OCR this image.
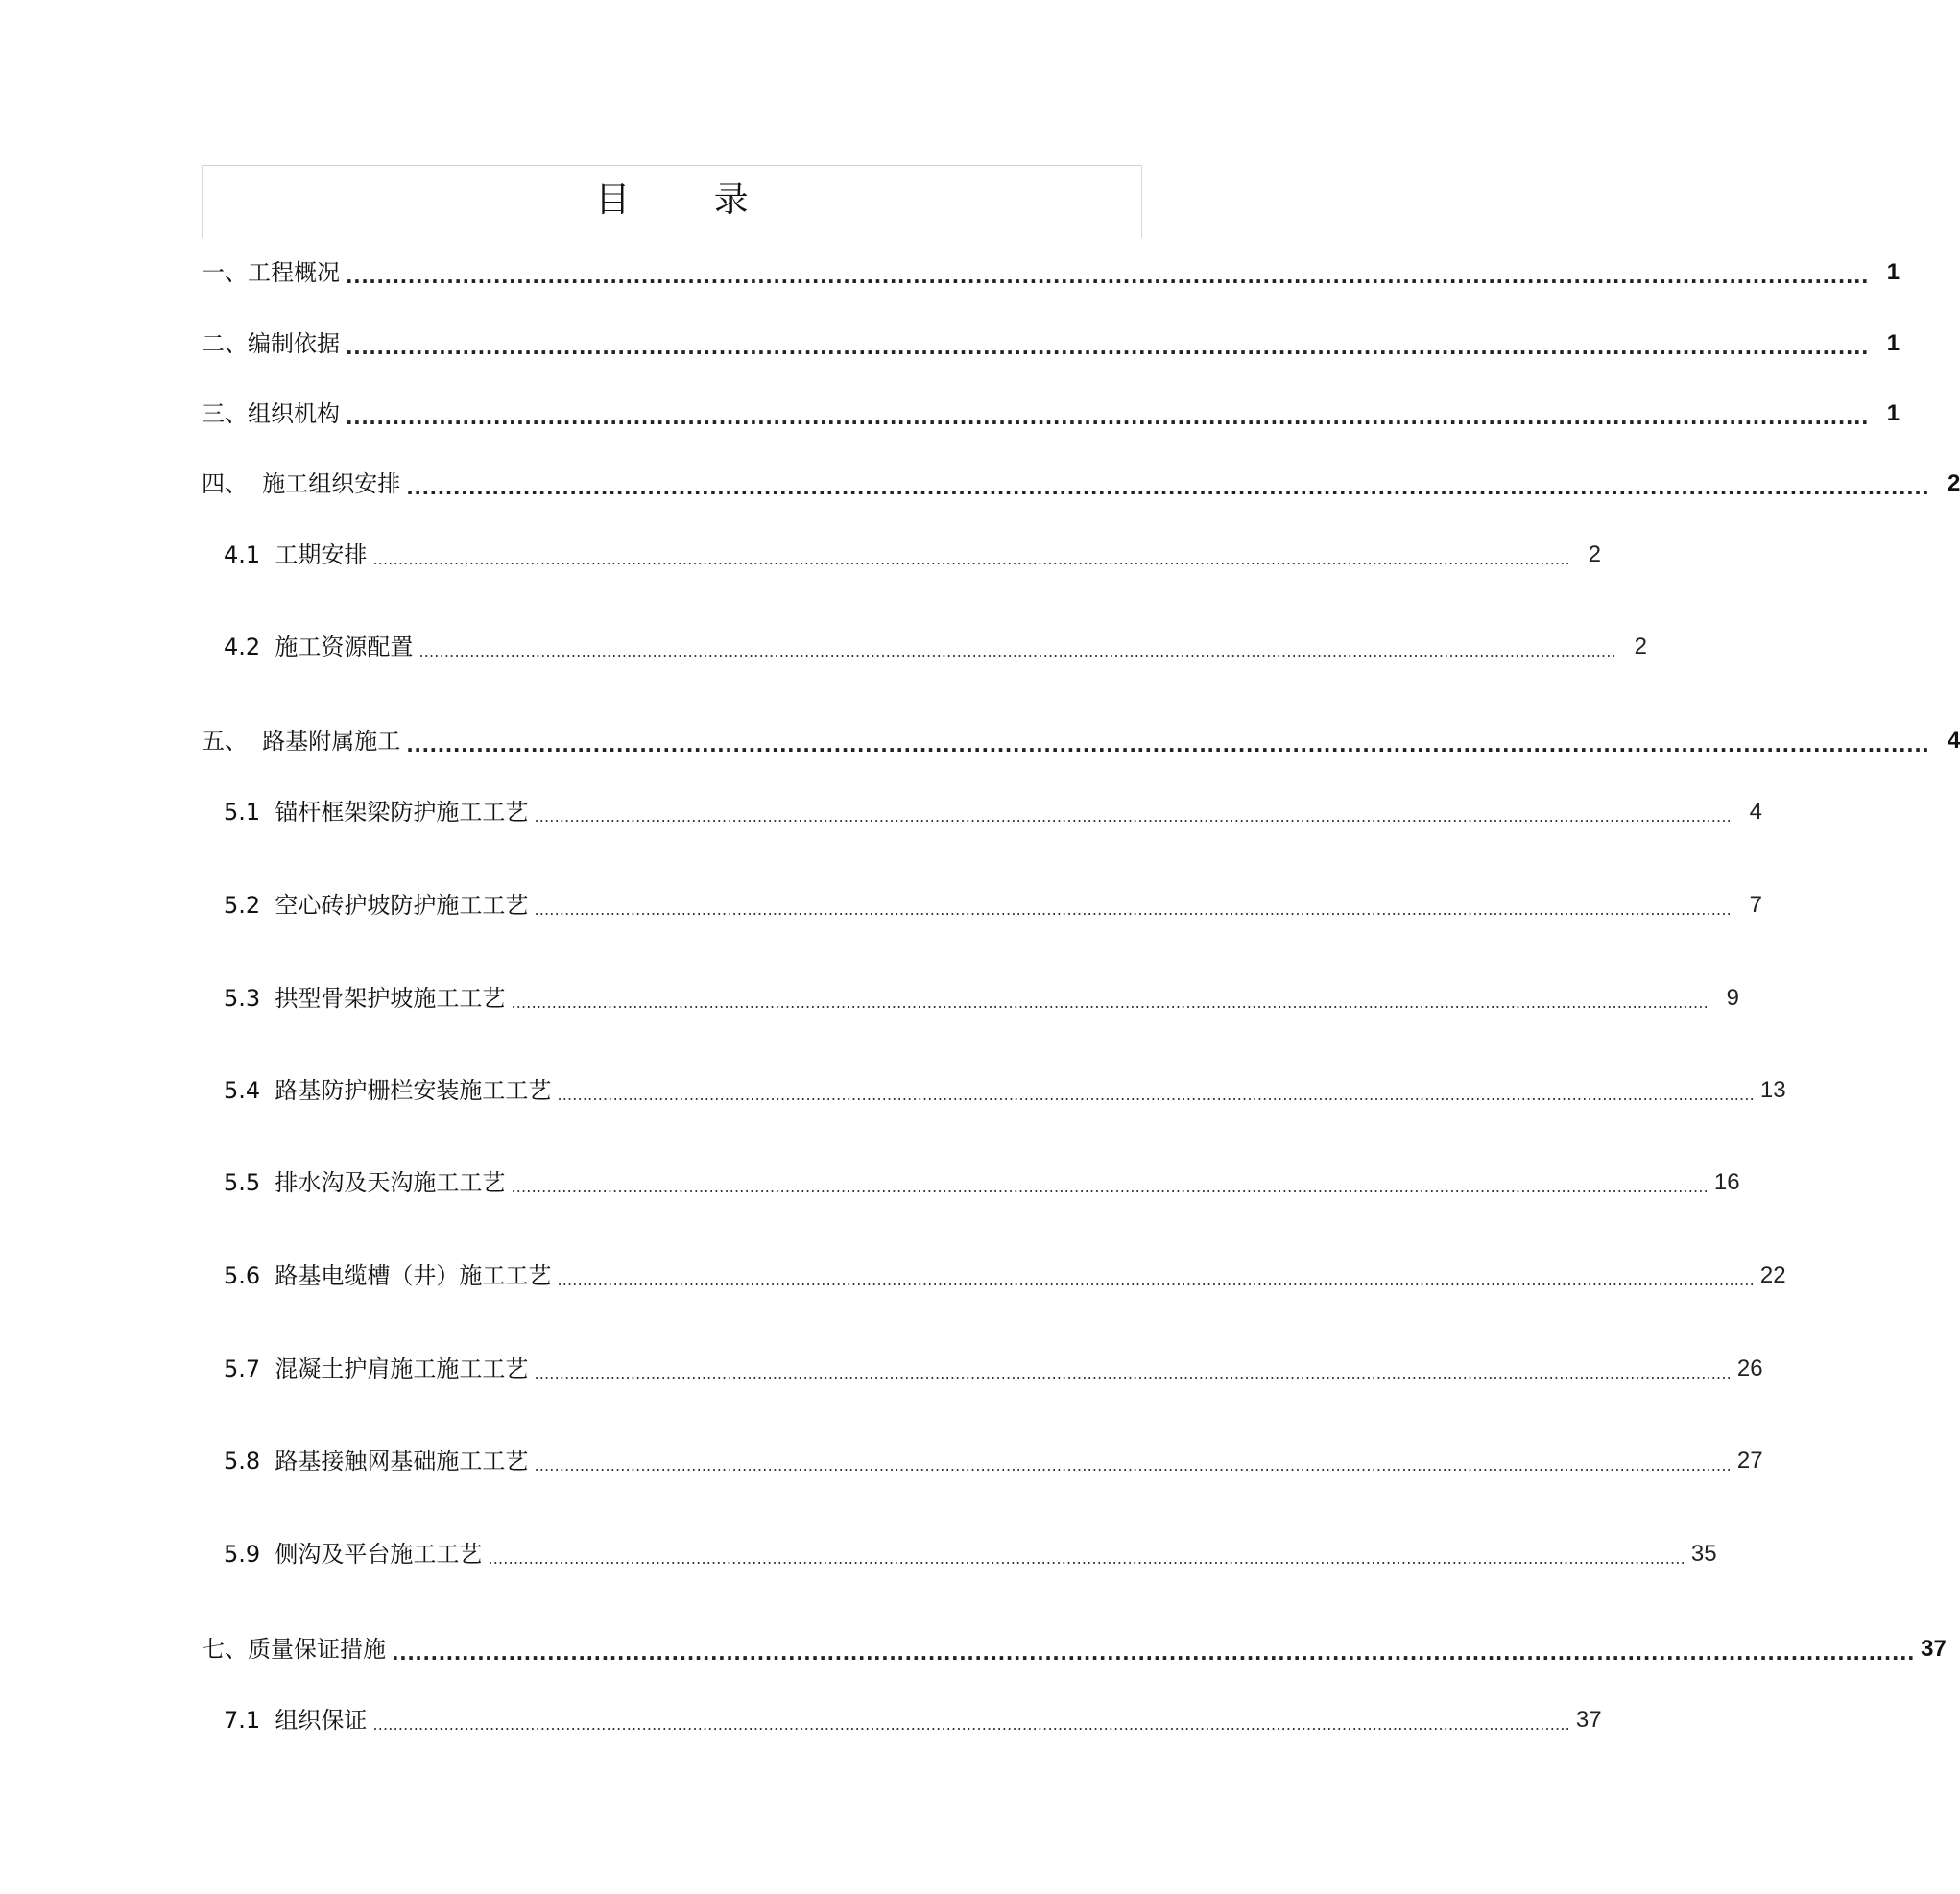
目 录
一、工程概况 .................................................................................................................................................................................................... 1
二、编制依据 .................................................................................................................................................................................................... 1
三、组织机构 .................................................................................................................................................................................................... 1
四、  施工组织安排 .................................................................................................................................................................................................... 2
4.1  工期安排 ............................................................................................................................................................................................................................................ 2
4.2  施工资源配置 ............................................................................................................................................................................................................................................ 2
五、  路基附属施工 .................................................................................................................................................................................................... 4
5.1  锚杆框架梁防护施工工艺 ............................................................................................................................................................................................................................................ 4
5.2  空心砖护坡防护施工工艺 ............................................................................................................................................................................................................................................ 7
5.3  拱型骨架护坡施工工艺 ............................................................................................................................................................................................................................................ 9
5.4  路基防护栅栏安装施工工艺 ............................................................................................................................................................................................................................................ 13
5.5  排水沟及天沟施工工艺 ............................................................................................................................................................................................................................................ 16
5.6  路基电缆槽（井）施工工艺 ............................................................................................................................................................................................................................................ 22
5.7  混凝土护肩施工施工工艺 ............................................................................................................................................................................................................................................ 26
5.8  路基接触网基础施工工艺 ............................................................................................................................................................................................................................................ 27
5.9  侧沟及平台施工工艺 ............................................................................................................................................................................................................................................ 35
七、质量保证措施 .................................................................................................................................................................................................... 37
7.1  组织保证 ............................................................................................................................................................................................................................................ 37
